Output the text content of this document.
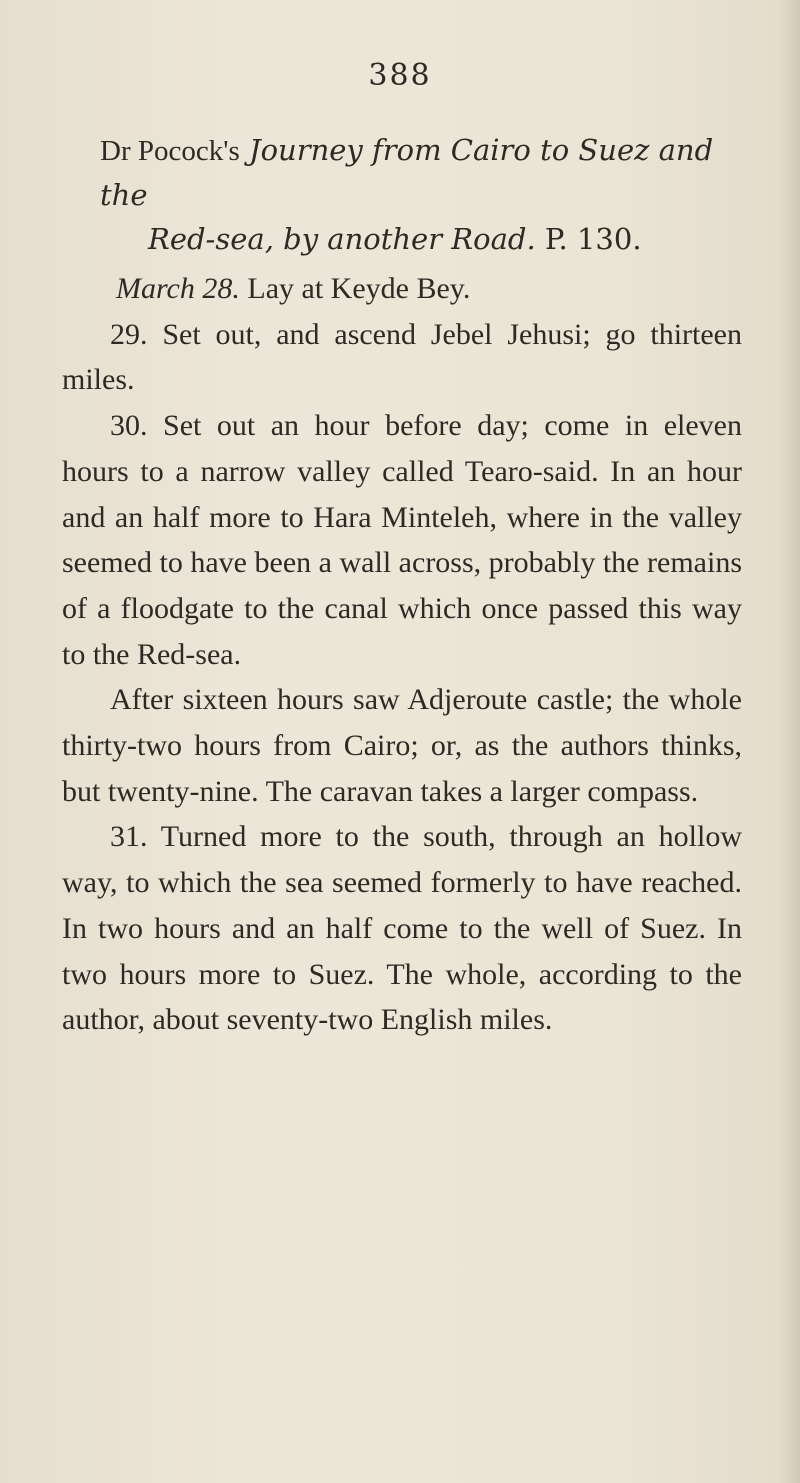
388
Dr Pocock's Journey from Cairo to Suez and the
Red-sea, by another Road. P. 130.

March 28. Lay at Keyde Bey.

29. Set out, and ascend Jebel Jehusi; go thirteen miles.

30. Set out an hour before day; come in eleven hours to a narrow valley called Tearo-said. In an hour and an half more to Hara Minteleh, where in the valley seemed to have been a wall across, probably the remains of a floodgate to the canal which once passed this way to the Red-sea.

After sixteen hours saw Adjeroute castle; the whole thirty-two hours from Cairo; or, as the authors thinks, but twenty-nine. The caravan takes a larger compass.

31. Turned more to the south, through an hollow way, to which the sea seemed formerly to have reached. In two hours and an half come to the well of Suez. In two hours more to Suez. The whole, according to the author, about seventy-two English miles.
